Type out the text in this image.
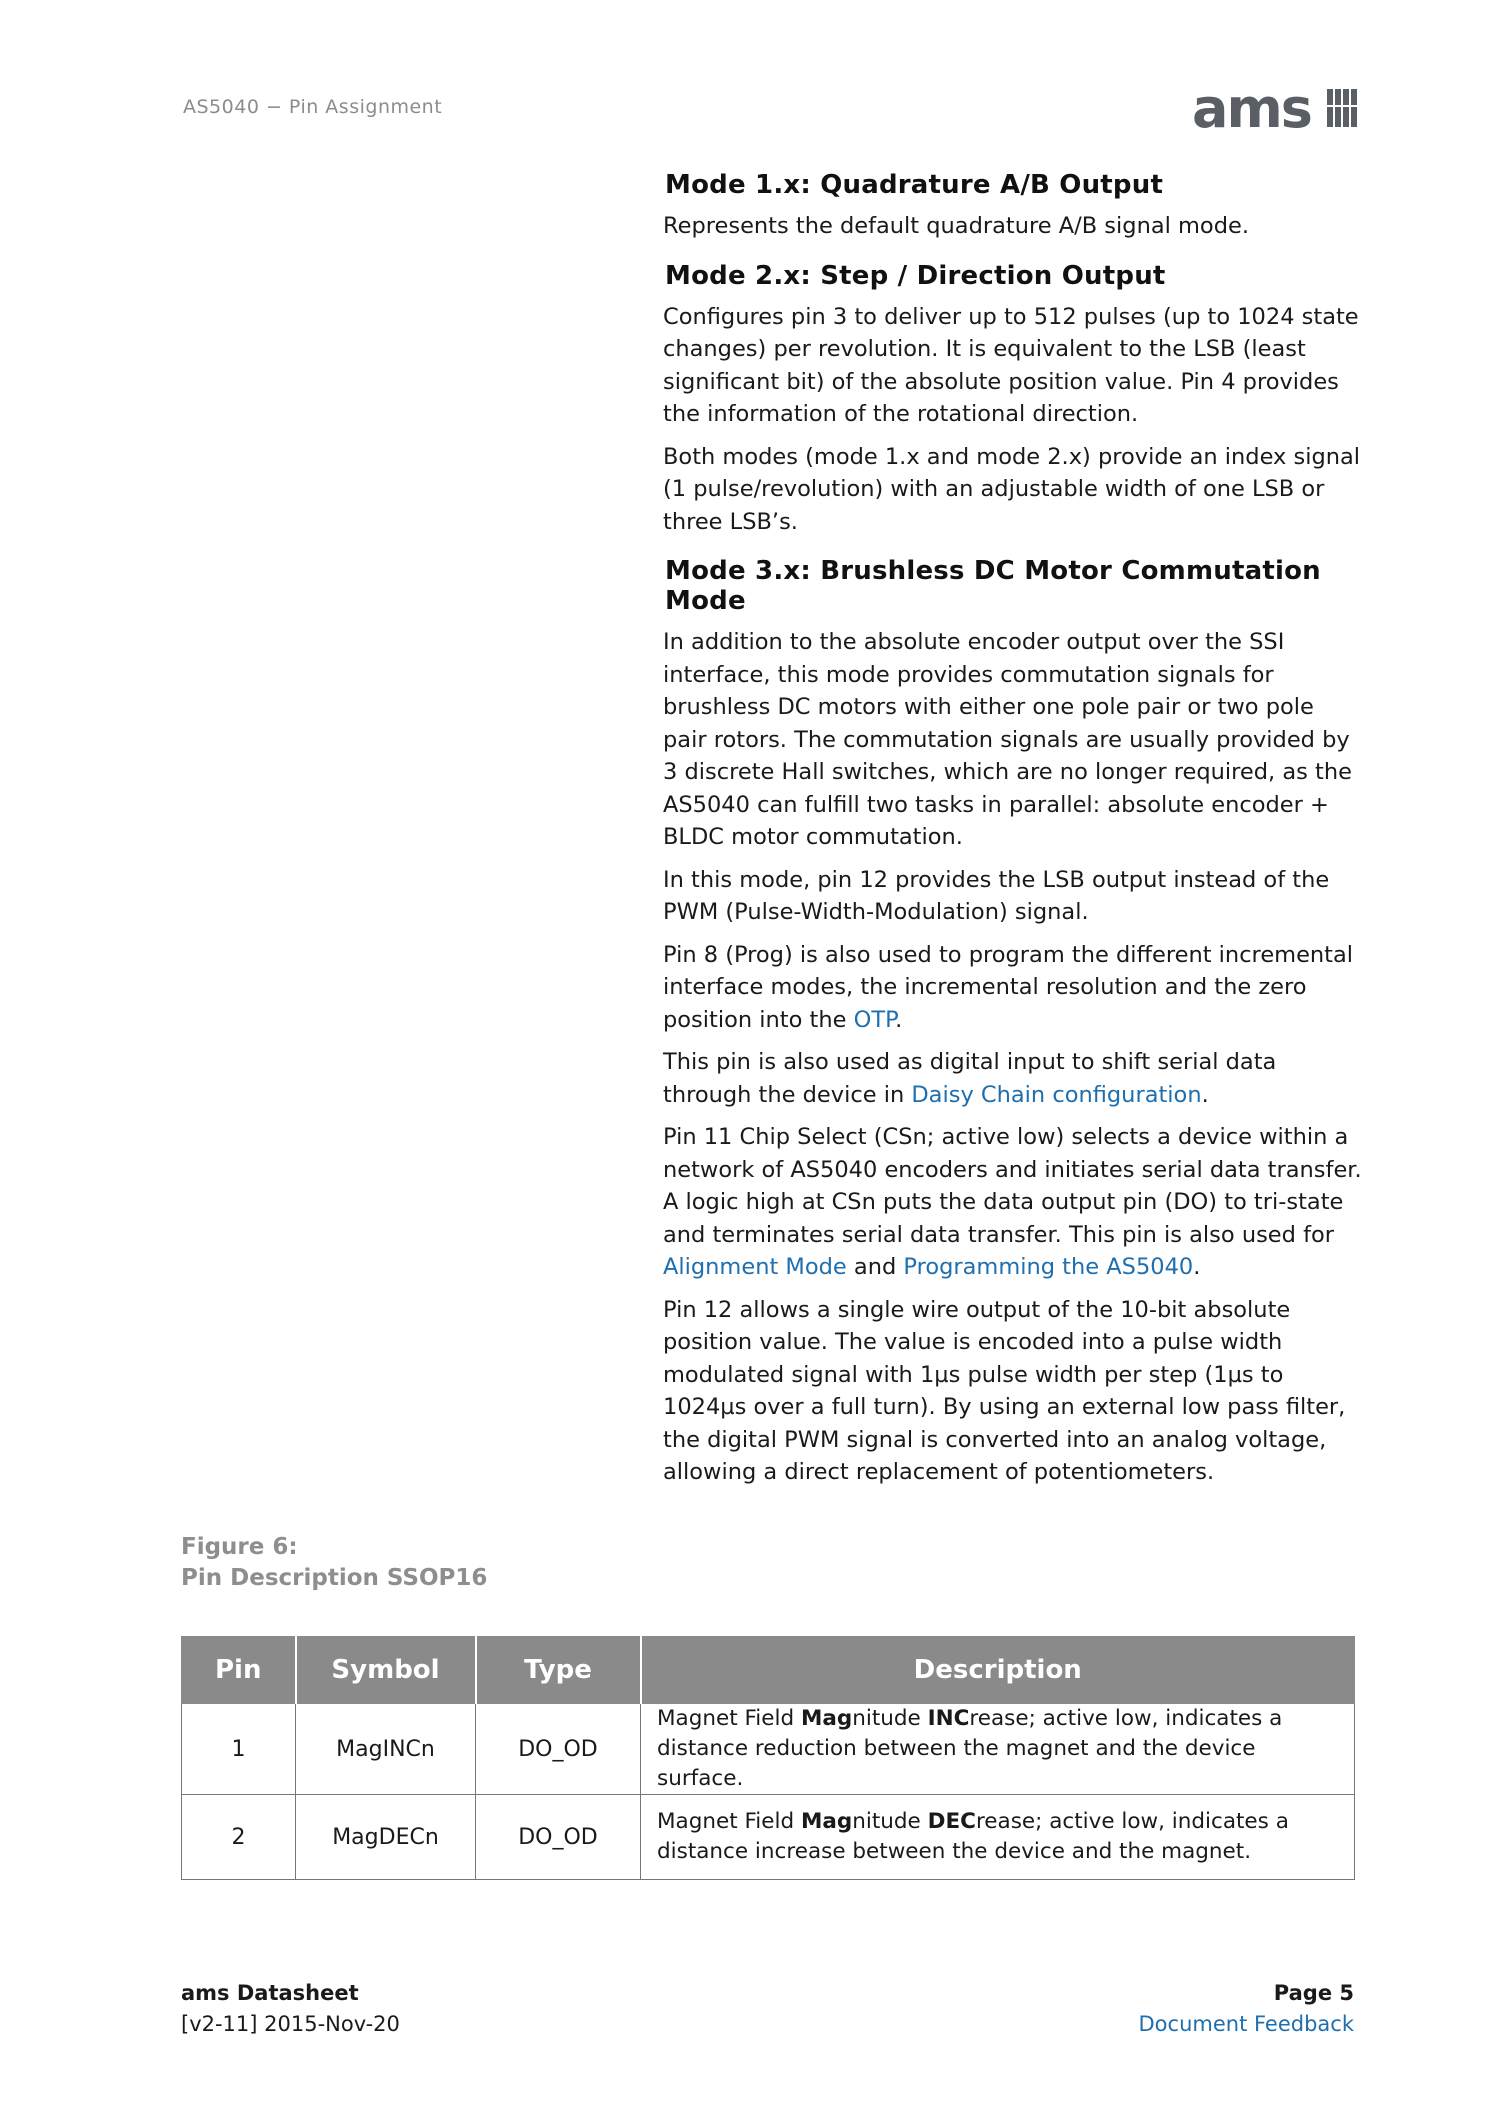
AS5040 − Pin Assignment	ams
Mode 1.x: Quadrature A/B Output

Represents the default quadrature A/B signal mode.

Mode 2.x: Step / Direction Output

Configures pin 3 to deliver up to 512 pulses (up to 1024 state changes) per revolution. It is equivalent to the LSB (least significant bit) of the absolute position value. Pin 4 provides the information of the rotational direction.

Both modes (mode 1.x and mode 2.x) provide an index signal (1 pulse/revolution) with an adjustable width of one LSB or three LSB’s.

Mode 3.x: Brushless DC Motor Commutation Mode

In addition to the absolute encoder output over the SSI interface, this mode provides commutation signals for brushless DC motors with either one pole pair or two pole pair rotors. The commutation signals are usually provided by 3 discrete Hall switches, which are no longer required, as the AS5040 can fulfill two tasks in parallel: absolute encoder + BLDC motor commutation.

In this mode, pin 12 provides the LSB output instead of the PWM (Pulse-Width-Modulation) signal.

Pin 8 (Prog) is also used to program the different incremental interface modes, the incremental resolution and the zero position into the OTP.

This pin is also used as digital input to shift serial data through the device in Daisy Chain configuration.

Pin 11 Chip Select (CSn; active low) selects a device within a network of AS5040 encoders and initiates serial data transfer. A logic high at CSn puts the data output pin (DO) to tri-state and terminates serial data transfer. This pin is also used for Alignment Mode and Programming the AS5040.

Pin 12 allows a single wire output of the 10-bit absolute position value. The value is encoded into a pulse width modulated signal with 1µs pulse width per step (1µs to 1024µs over a full turn). By using an external low pass filter, the digital PWM signal is converted into an analog voltage, allowing a direct replacement of potentiometers.

Figure 6:
Pin Description SSOP16
Pin	Symbol	Type	Description
1	MagINCn	DO_OD	Magnet Field Magnitude INCrease; active low, indicates a distance reduction between the magnet and the device surface.
2	MagDECn	DO_OD	Magnet Field Magnitude DECrease; active low, indicates a distance increase between the device and the magnet.
ams Datasheet
[v2-11] 2015-Nov-20
Page 5
Document Feedback
